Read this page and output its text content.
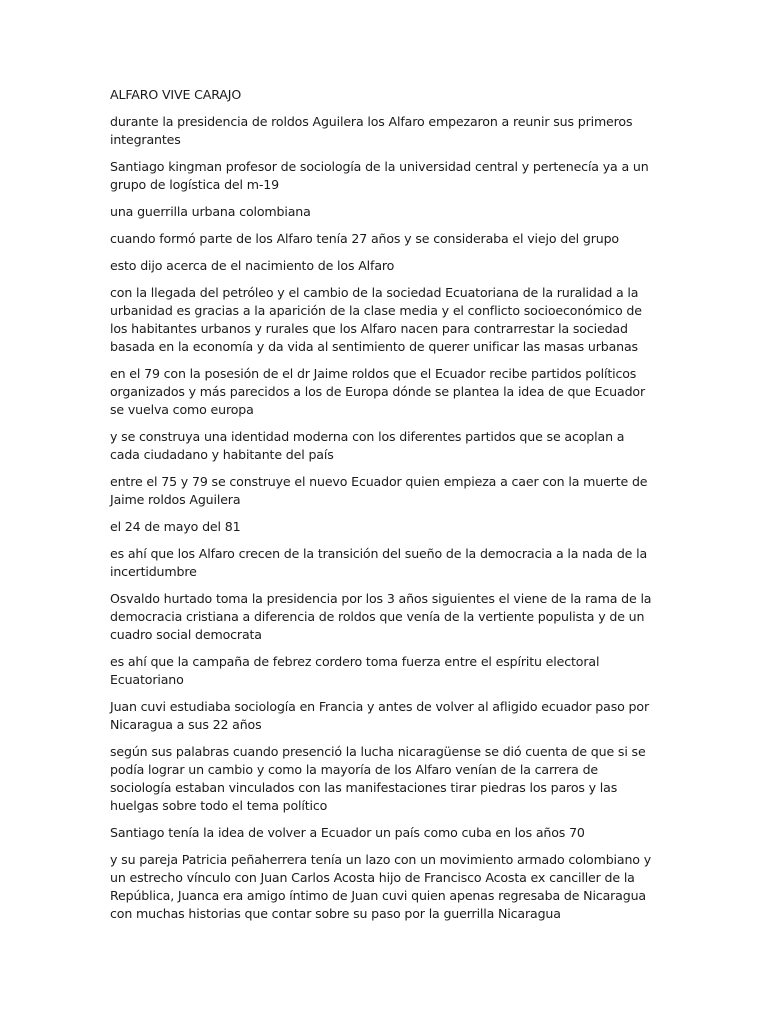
ALFARO VIVE CARAJO

durante la presidencia de roldos Aguilera los Alfaro empezaron a reunir sus primeros integrantes

Santiago kingman profesor de sociología de la universidad central y pertenecía ya a un grupo de logística del m-19

una guerrilla urbana colombiana

cuando formó parte de los Alfaro tenía 27 años y se consideraba el viejo del grupo

esto dijo acerca de el nacimiento de los Alfaro

con la llegada del petróleo y el cambio de la sociedad Ecuatoriana de la ruralidad a la urbanidad es gracias a la aparición de la clase media y el conflicto socioeconómico de los habitantes urbanos y rurales que los Alfaro nacen para contrarrestar la sociedad basada en la economía y da vida al sentimiento de querer unificar las masas urbanas

en el 79 con la posesión de el dr Jaime roldos que el Ecuador recibe partidos políticos organizados y más parecidos a los de Europa dónde se plantea la idea de que Ecuador se vuelva como europa

y se construya una identidad moderna con los diferentes partidos que se acoplan a cada ciudadano y habitante del país

entre el 75 y 79 se construye el nuevo Ecuador quien empieza a caer con la muerte de Jaime roldos Aguilera

el 24 de mayo del 81

es ahí que los Alfaro crecen de la transición del sueño de la democracia a la nada de la incertidumbre

Osvaldo hurtado toma la presidencia por los 3 años siguientes el viene de la rama de la democracia cristiana a diferencia de roldos que venía de la vertiente populista y de un cuadro social democrata

es ahí que la campaña de febrez cordero toma fuerza entre el espíritu electoral Ecuatoriano

Juan cuvi estudiaba sociología en Francia y antes de volver al afligido ecuador paso por Nicaragua a sus 22 años

según sus palabras cuando presenció la lucha nicaragüense se dió cuenta de que si se podía lograr un cambio y como la mayoría de los Alfaro venían de la carrera de sociología estaban vinculados con las manifestaciones tirar piedras los paros y las huelgas sobre todo el tema político

Santiago tenía la idea de volver a Ecuador un país como cuba en los años 70

y su pareja Patricia peñaherrera tenía un lazo con un movimiento armado colombiano y un estrecho vínculo con Juan Carlos Acosta hijo de Francisco Acosta ex canciller de la República, Juanca era amigo íntimo de Juan cuvi quien apenas regresaba de Nicaragua con muchas historias que contar sobre su paso por la guerrilla Nicaragua
